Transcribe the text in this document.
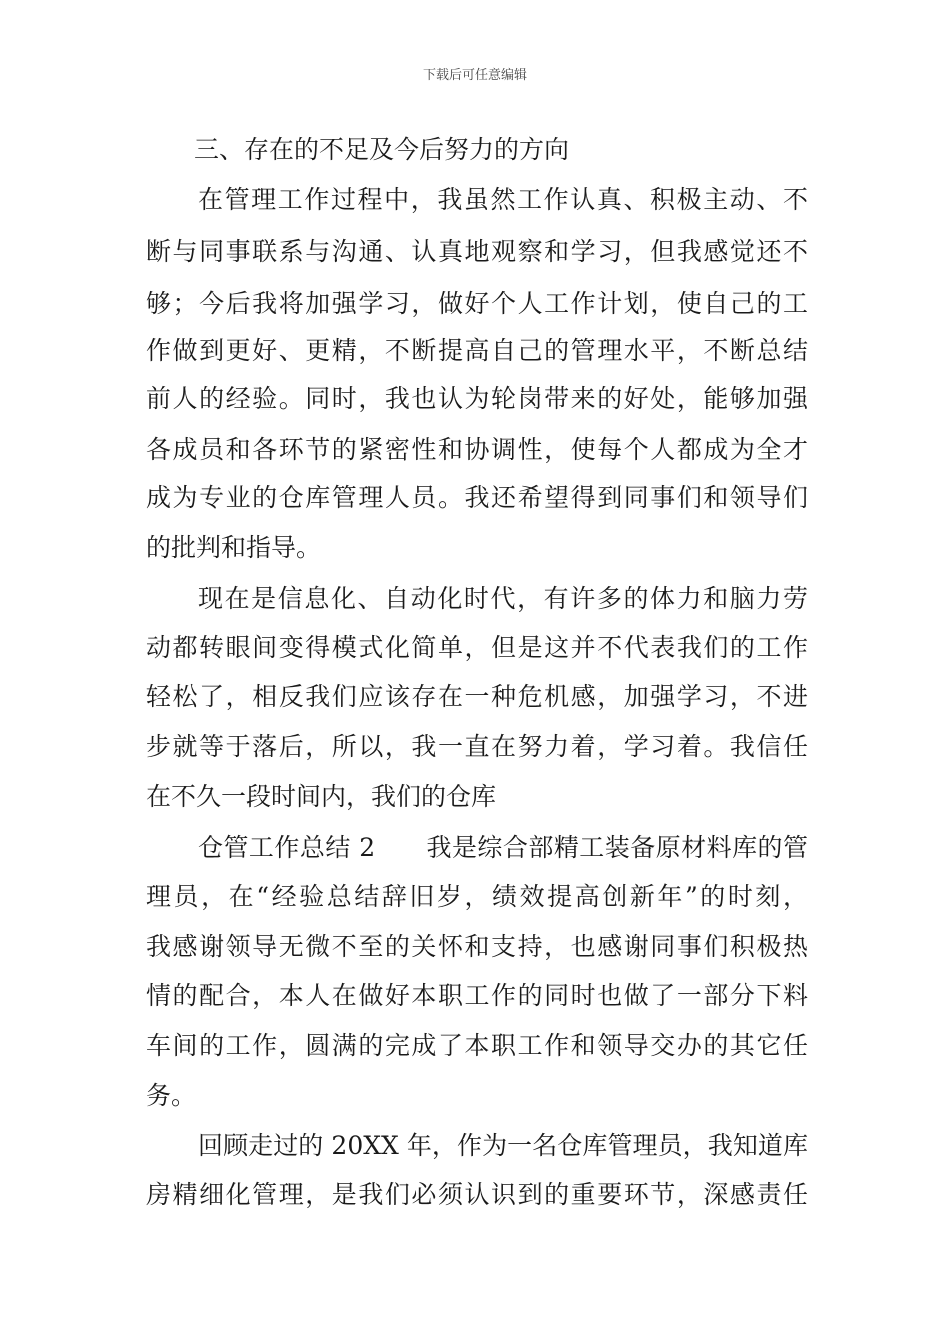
下载后可任意编辑
三、存在的不足及今后努力的方向
在管理工作过程中，我虽然工作认真、积极主动、不
断与同事联系与沟通、认真地观察和学习，但我感觉还不
够；今后我将加强学习，做好个人工作计划，使自己的工
作做到更好、更精，不断提高自己的管理水平，不断总结
前人的经验。同时，我也认为轮岗带来的好处，能够加强
各成员和各环节的紧密性和协调性，使每个人都成为全才
成为专业的仓库管理人员。我还希望得到同事们和领导们
的批判和指导。
现在是信息化、自动化时代，有许多的体力和脑力劳
动都转眼间变得模式化简单，但是这并不代表我们的工作
轻松了，相反我们应该存在一种危机感，加强学习，不进
步就等于落后，所以，我一直在努力着，学习着。我信任
在不久一段时间内，我们的仓库
仓管工作总结 2　　我是综合部精工装备原材料库的管
理员，在“经验总结辞旧岁，绩效提高创新年”的时刻，
我感谢领导无微不至的关怀和支持，也感谢同事们积极热
情的配合，本人在做好本职工作的同时也做了一部分下料
车间的工作，圆满的完成了本职工作和领导交办的其它任
务。
回顾走过的 20XX 年，作为一名仓库管理员，我知道库
房精细化管理，是我们必须认识到的重要环节，深感责任
